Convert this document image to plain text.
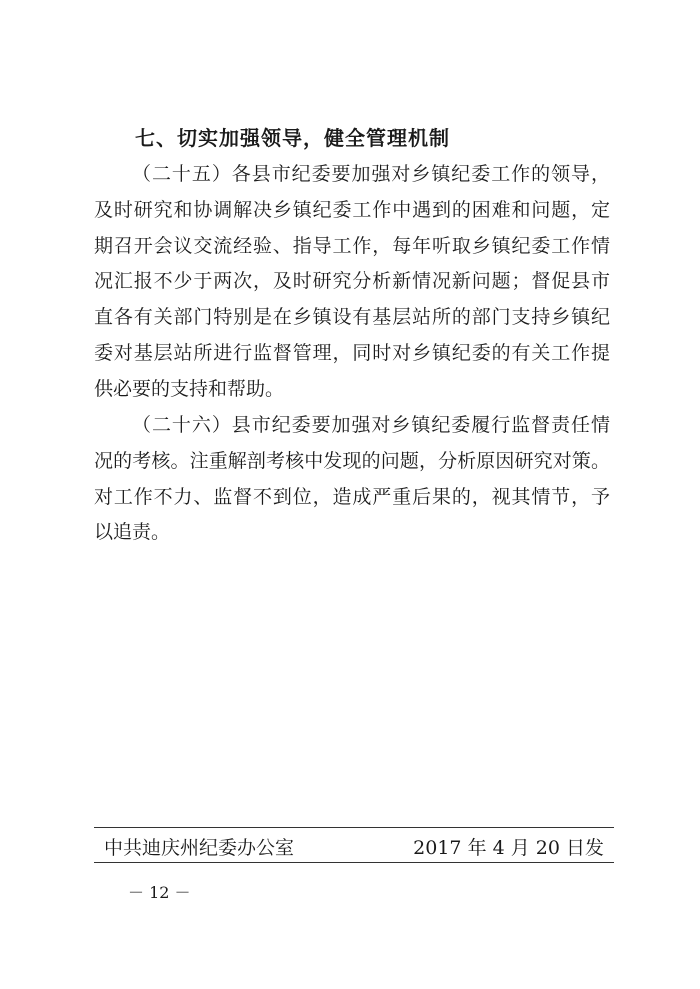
七、切实加强领导，健全管理机制
（二十五）各县市纪委要加强对乡镇纪委工作的领导，
及时研究和协调解决乡镇纪委工作中遇到的困难和问题，定
期召开会议交流经验、指导工作，每年听取乡镇纪委工作情
况汇报不少于两次，及时研究分析新情况新问题；督促县市
直各有关部门特别是在乡镇设有基层站所的部门支持乡镇纪
委对基层站所进行监督管理，同时对乡镇纪委的有关工作提
供必要的支持和帮助。
（二十六）县市纪委要加强对乡镇纪委履行监督责任情
况的考核。注重解剖考核中发现的问题，分析原因研究对策。
对工作不力、监督不到位，造成严重后果的，视其情节，予
以追责。

中共迪庆州纪委办公室	2017 年 4 月 20 日发

－ 12 －
